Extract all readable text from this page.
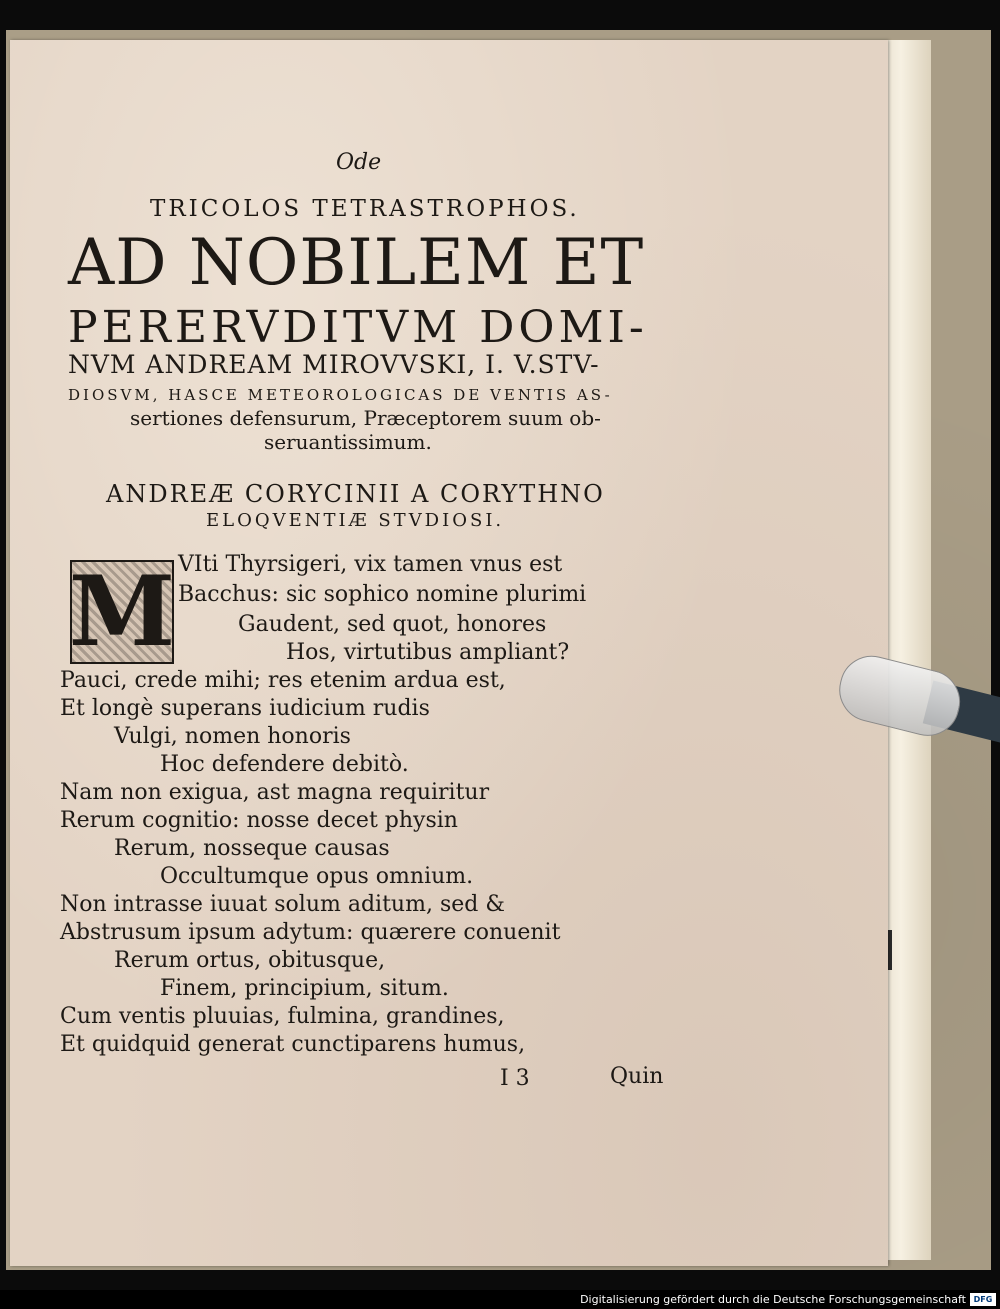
Ode
TRICOLOS TETRASTROPHOS.
AD NOBILEM ET
PERERVDITVM DOMI-
NVM ANDREAM MIROVVSKI, I. V.STV-
DIOSVM, HASCE METEOROLOGICAS DE VENTIS AS-
sertiones defensurum, Præceptorem suum ob-
seruantissimum.
ANDREÆ CORYCINII A CORYTHNO
ELOQVENTIÆ STVDIOSI.
M VIti Thyrsigeri, vix tamen vnus est
Bacchus: sic sophico nomine plurimi
Gaudent, sed quot, honores
Hos, virtutibus ampliant?
Pauci, crede mihi; res etenim ardua est,
Et longè superans iudicium rudis
Vulgi, nomen honoris
Hoc defendere debitò.
Nam non exigua, ast magna requiritur
Rerum cognitio: nosse decet physin
Rerum, nosseque causas
Occultumque opus omnium.
Non intrasse iuuat solum aditum, sed &
Abstrusum ipsum adytum: quærere conuenit
Rerum ortus, obitusque,
Finem, principium, situm.
Cum ventis pluuias, fulmina, grandines,
Et quidquid generat cunctiparens humus,
I 3	Quin
Digitalisierung gefördert durch die Deutsche Forschungsgemeinschaft DFG
